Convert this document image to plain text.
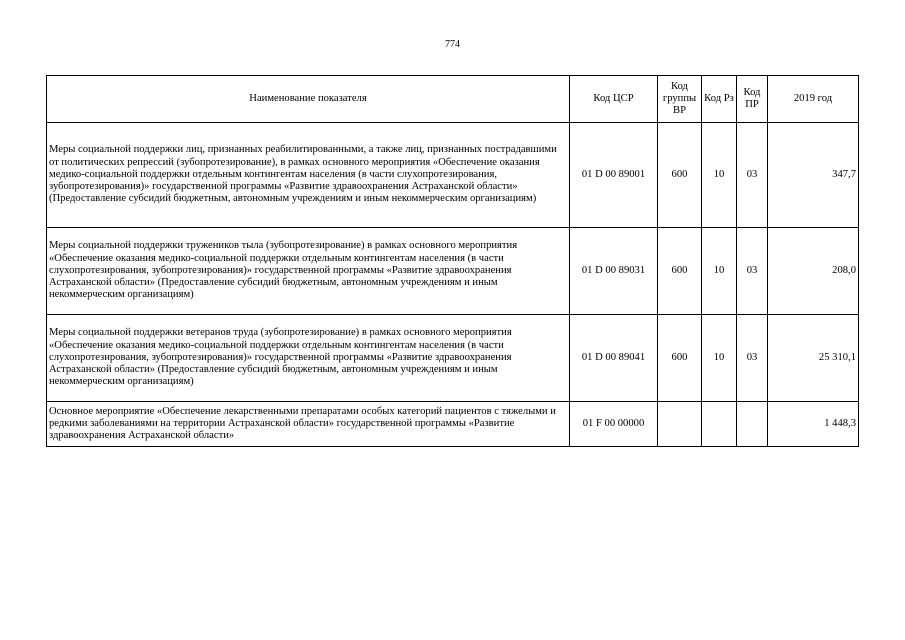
774
Наименование показателя	Код ЦСР	Код группы ВР	Код Рз	Код ПР	2019 год
Меры социальной поддержки лиц, признанных реабилитированными, а также лиц, признанных пострадавшими от политических репрессий (зубопротезирование), в рамках основного мероприятия «Обеспечение оказания медико-социальной поддержки отдельным контингентам населения (в части слухопротезирования, зубопротезирования)» государственной программы «Развитие здравоохранения Астраханской области» (Предоставление субсидий бюджетным, автономным учреждениям и иным некоммерческим организациям)	01 D 00 89001	600	10	03	347,7
Меры социальной поддержки тружеников тыла (зубопротезирование) в рамках основного мероприятия «Обеспечение оказания медико-социальной поддержки отдельным контингентам населения (в части слухопротезирования, зубопротезирования)» государственной программы «Развитие здравоохранения Астраханской области» (Предоставление субсидий бюджетным, автономным учреждениям и иным некоммерческим организациям)	01 D 00 89031	600	10	03	208,0
Меры социальной поддержки ветеранов труда (зубопротезирование) в рамках основного мероприятия «Обеспечение оказания медико-социальной поддержки отдельным контингентам населения (в части слухопротезирования, зубопротезирования)» государственной программы «Развитие здравоохранения Астраханской области» (Предоставление субсидий бюджетным, автономным учреждениям и иным некоммерческим организациям)	01 D 00 89041	600	10	03	25 310,1
Основное мероприятие «Обеспечение лекарственными препаратами особых категорий пациентов с тяжелыми и редкими заболеваниями на территории Астраханской области» государственной программы «Развитие здравоохранения Астраханской области»	01 F 00 00000				1 448,3
